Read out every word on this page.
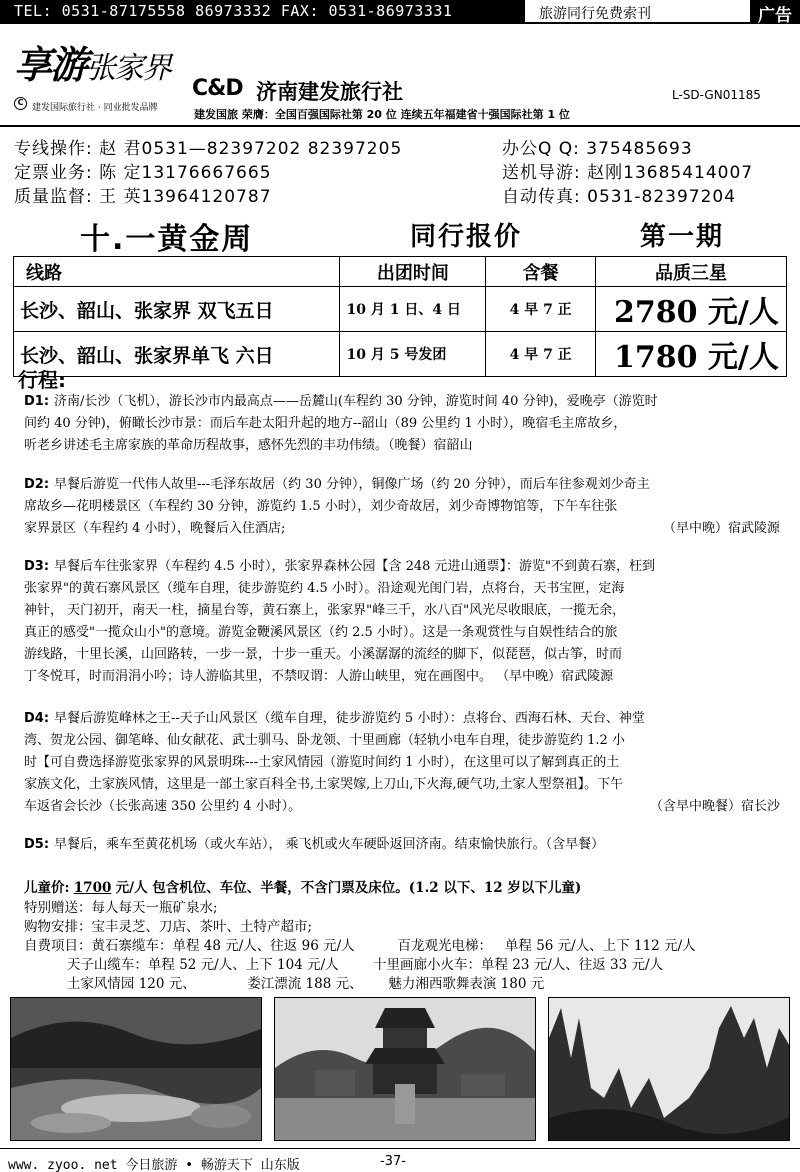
TEL: 0531-87175558 86973332 FAX: 0531-86973331	旅游同行免费索刊	广告
享游张家界
C
建发国际旅行社 · 同业批发品牌
C&D 济南建发旅行社
建发国旅 荣膺：全国百强国际社第 20 位 连续五年福建省十强国际社第 1 位
L-SD-GN01185
专线操作: 赵 君0531—82397202 82397205
定票业务: 陈 定13176667665
质量监督: 王 英13964120787
办公Q Q: 375485693
送机导游: 赵刚13685414007
自动传真: 0531-82397204
十.一黄金周	同行报价	第一期
线路	出团时间	含餐	品质三星
长沙、韶山、张家界 双飞五日	10 月 1 日、4 日	4 早 7 正	2780 元/人
长沙、韶山、张家界单飞 六日	10 月 5 号发团	4 早 7 正	1780 元/人
行程:
D1: 济南/长沙（飞机），游长沙市内最高点——岳麓山(车程约 30 分钟，游览时间 40 分钟)，爱晚亭（游览时
间约 40 分钟)，俯瞰长沙市景：而后车赴太阳升起的地方--韶山（89 公里约 1 小时），晚宿毛主席故乡，
听老乡讲述毛主席家族的革命历程故事，感怀先烈的丰功伟绩。（晚餐）宿韶山
D2: 早餐后游览一代伟人故里---毛泽东故居（约 30 分钟），铜像广场（约 20 分钟），而后车往参观刘少奇主
席故乡—花明楼景区（车程约 30 分钟，游览约 1.5 小时），刘少奇故居，刘少奇博物馆等，下午车往张
家界景区（车程约 4 小时），晚餐后入住酒店;	（早中晚）宿武陵源
D3: 早餐后车往张家界（车程约 4.5 小时），张家界森林公园【含 248 元进山通票】：游览"不到黄石寨，枉到
张家界"的黄石寨风景区（缆车自理，徒步游览约 4.5 小时）。沿途观光闺门岩，点将台，天书宝匣，定海
神针， 天门初开，南天一柱，摘星台等，黄石寨上，张家界"峰三千，水八百"风光尽收眼底，一揽无余，
真正的感受"一揽众山小"的意境。游览金鞭溪风景区（约 2.5 小时）。这是一条观赏性与自娱性结合的旅
游线路，十里长溪，山回路转，一步一景，十步一重天。小溪潺潺的流经的脚下，似琵琶，似古筝，时而
丁冬悦耳，时而涓涓小吟；诗人游临其里，不禁叹谓：人游山峡里，宛在画图中。 （早中晚）宿武陵源
D4: 早餐后游览峰林之王--天子山风景区（缆车自理，徒步游览约 5 小时）：点将台、西海石林、天台、神堂
湾、贺龙公园、御笔峰、仙女献花、武士驯马、卧龙领、十里画廊（轻轨小电车自理，徒步游览约 1.2 小
时【可自费选择游览张家界的风景明珠---土家风情园（游览时间约 1 小时），在这里可以了解到真正的土
家族文化，土家族风情，这里是一部土家百科全书,土家哭嫁,上刀山,下火海,硬气功,土家人型祭祖】。下午
车返省会长沙（长张高速 350 公里约 4 小时）。	（含早中晚餐）宿长沙
D5: 早餐后，乘车至黄花机场（或火车站）， 乘飞机或火车硬卧返回济南。结束愉快旅行。（含早餐）
儿童价: 1700 元/人 包含机位、车位、半餐，不含门票及床位。(1.2 以下、12 岁以下儿童)
特别赠送：每人每天一瓶矿泉水;
购物安排：宝丰灵芝、刀店、茶叶、土特产超市;
自费项目：黄石寨缆车：单程 48 元/人、往返 96 元/人          百龙观光电梯：   单程 56 元/人、上下 112 元/人
天子山缆车：单程 52 元/人、上下 104 元/人        十里画廊小火车：单程 23 元/人、往返 33 元/人
土家风情园 120 元、            娄江漂流 188 元、      魅力湘西歌舞表演 180 元
www. zyoo. net 今日旅游 • 畅游天下 山东版	-37-
